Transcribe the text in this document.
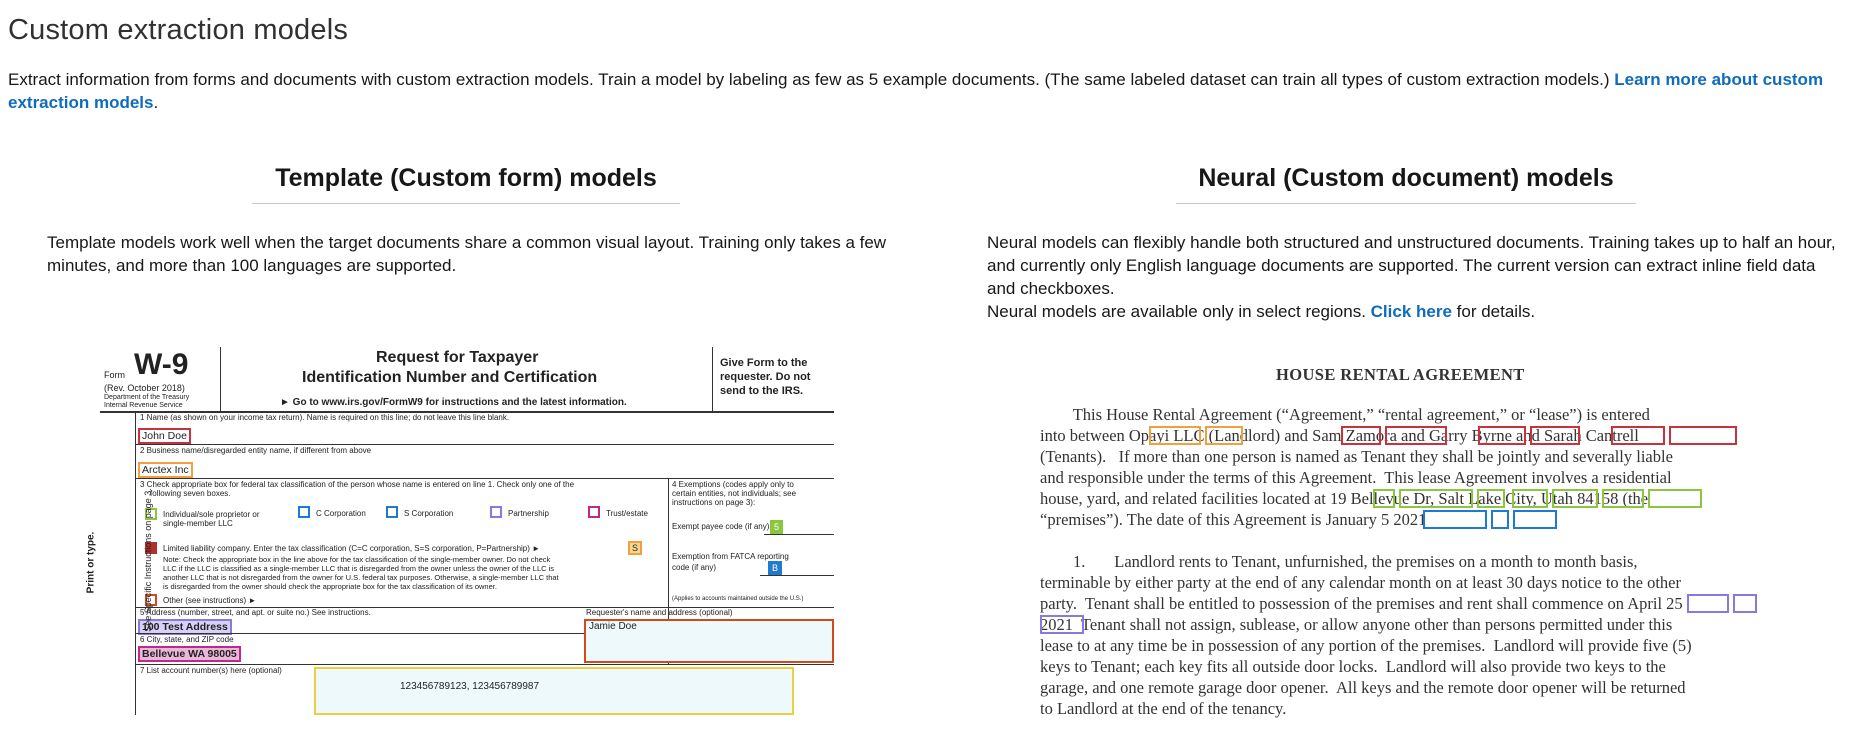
Custom extraction models

Extract information from forms and documents with custom extraction models. Train a model by labeling as few as 5 example documents. (The same labeled dataset can train all types of custom extraction models.) Learn more about custom extraction models.

Template (Custom form) models	Neural (Custom document) models

Template models work well when the target documents share a common visual layout. Training only takes a few minutes, and more than 100 languages are supported.

Neural models can flexibly handle both structured and unstructured documents. Training takes up to half an hour, and currently only English language documents are supported. The current version can extract inline field data and checkboxes.

Neural models are available only in select regions. Click here for details.

Form W-9
(Rev. October 2018)
Department of the Treasury
Internal Revenue Service
Request for Taxpayer
Identification Number and Certification
► Go to www.irs.gov/FormW9 for instructions and the latest information.
Give Form to the
requester. Do not
send to the IRS.
1 Name (as shown on your income tax return). Name is required on this line; do not leave this line blank.
John Doe
2 Business name/disregarded entity name, if different from above
Arctex Inc
3 Check appropriate box for federal tax classification of the person whose name is entered on line 1. Check only one of the
following seven boxes.
4 Exemptions (codes apply only to
certain entities, not individuals; see
instructions on page 3):
Individual/sole proprietor or
single-member LLC
C Corporation	S Corporation	Partnership	Trust/estate
Exempt payee code (if any) 5
Limited liability company. Enter the tax classification (C=C corporation, S=S corporation, P=Partnership) ►	S
Note: Check the appropriate box in the line above for the tax classification of the single-member owner. Do not check
LLC if the LLC is classified as a single-member LLC that is disregarded from the owner unless the owner of the LLC is
another LLC that is not disregarded from the owner for U.S. federal tax purposes. Otherwise, a single-member LLC that
is disregarded from the owner should check the appropriate box for the tax classification of its owner.
Exemption from FATCA reporting
code (if any)	B
Other (see instructions) ►	(Applies to accounts maintained outside the U.S.)
5 Address (number, street, and apt. or suite no.) See instructions.	Requester's name and address (optional)
100 Test Address	Jamie Doe
6 City, state, and ZIP code
Bellevue WA 98005
7 List account number(s) here (optional)
123456789123, 123456789987
Print or type.	See Specific Instructions on page 3.
HOUSE RENTAL AGREEMENT
This House Rental Agreement (“Agreement,” “rental agreement,” or “lease”) is entered
into between Opayi LLC (Landlord) and Sam Zamora and Garry Byrne and Sarah Cantrell
(Tenants).   If more than one person is named as Tenant they shall be jointly and severally liable
and responsible under the terms of this Agreement.  This lease Agreement involves a residential
house, yard, and related facilities located at 19 Bellevue Dr, Salt Lake City, Utah 84158 (the
“premises”). The date of this Agreement is January 5 2021
1.       Landlord rents to Tenant, unfurnished, the premises on a month to month basis,
terminable by either party at the end of any calendar month on at least 30 days notice to the other
party.  Tenant shall be entitled to possession of the premises and rent shall commence on April 25
2021  Tenant shall not assign, sublease, or allow anyone other than persons permitted under this
lease to at any time be in possession of any portion of the premises.  Landlord will provide five (5)
keys to Tenant; each key fits all outside door locks.  Landlord will also provide two keys to the
garage, and one remote garage door opener.  All keys and the remote door opener will be returned
to Landlord at the end of the tenancy.
